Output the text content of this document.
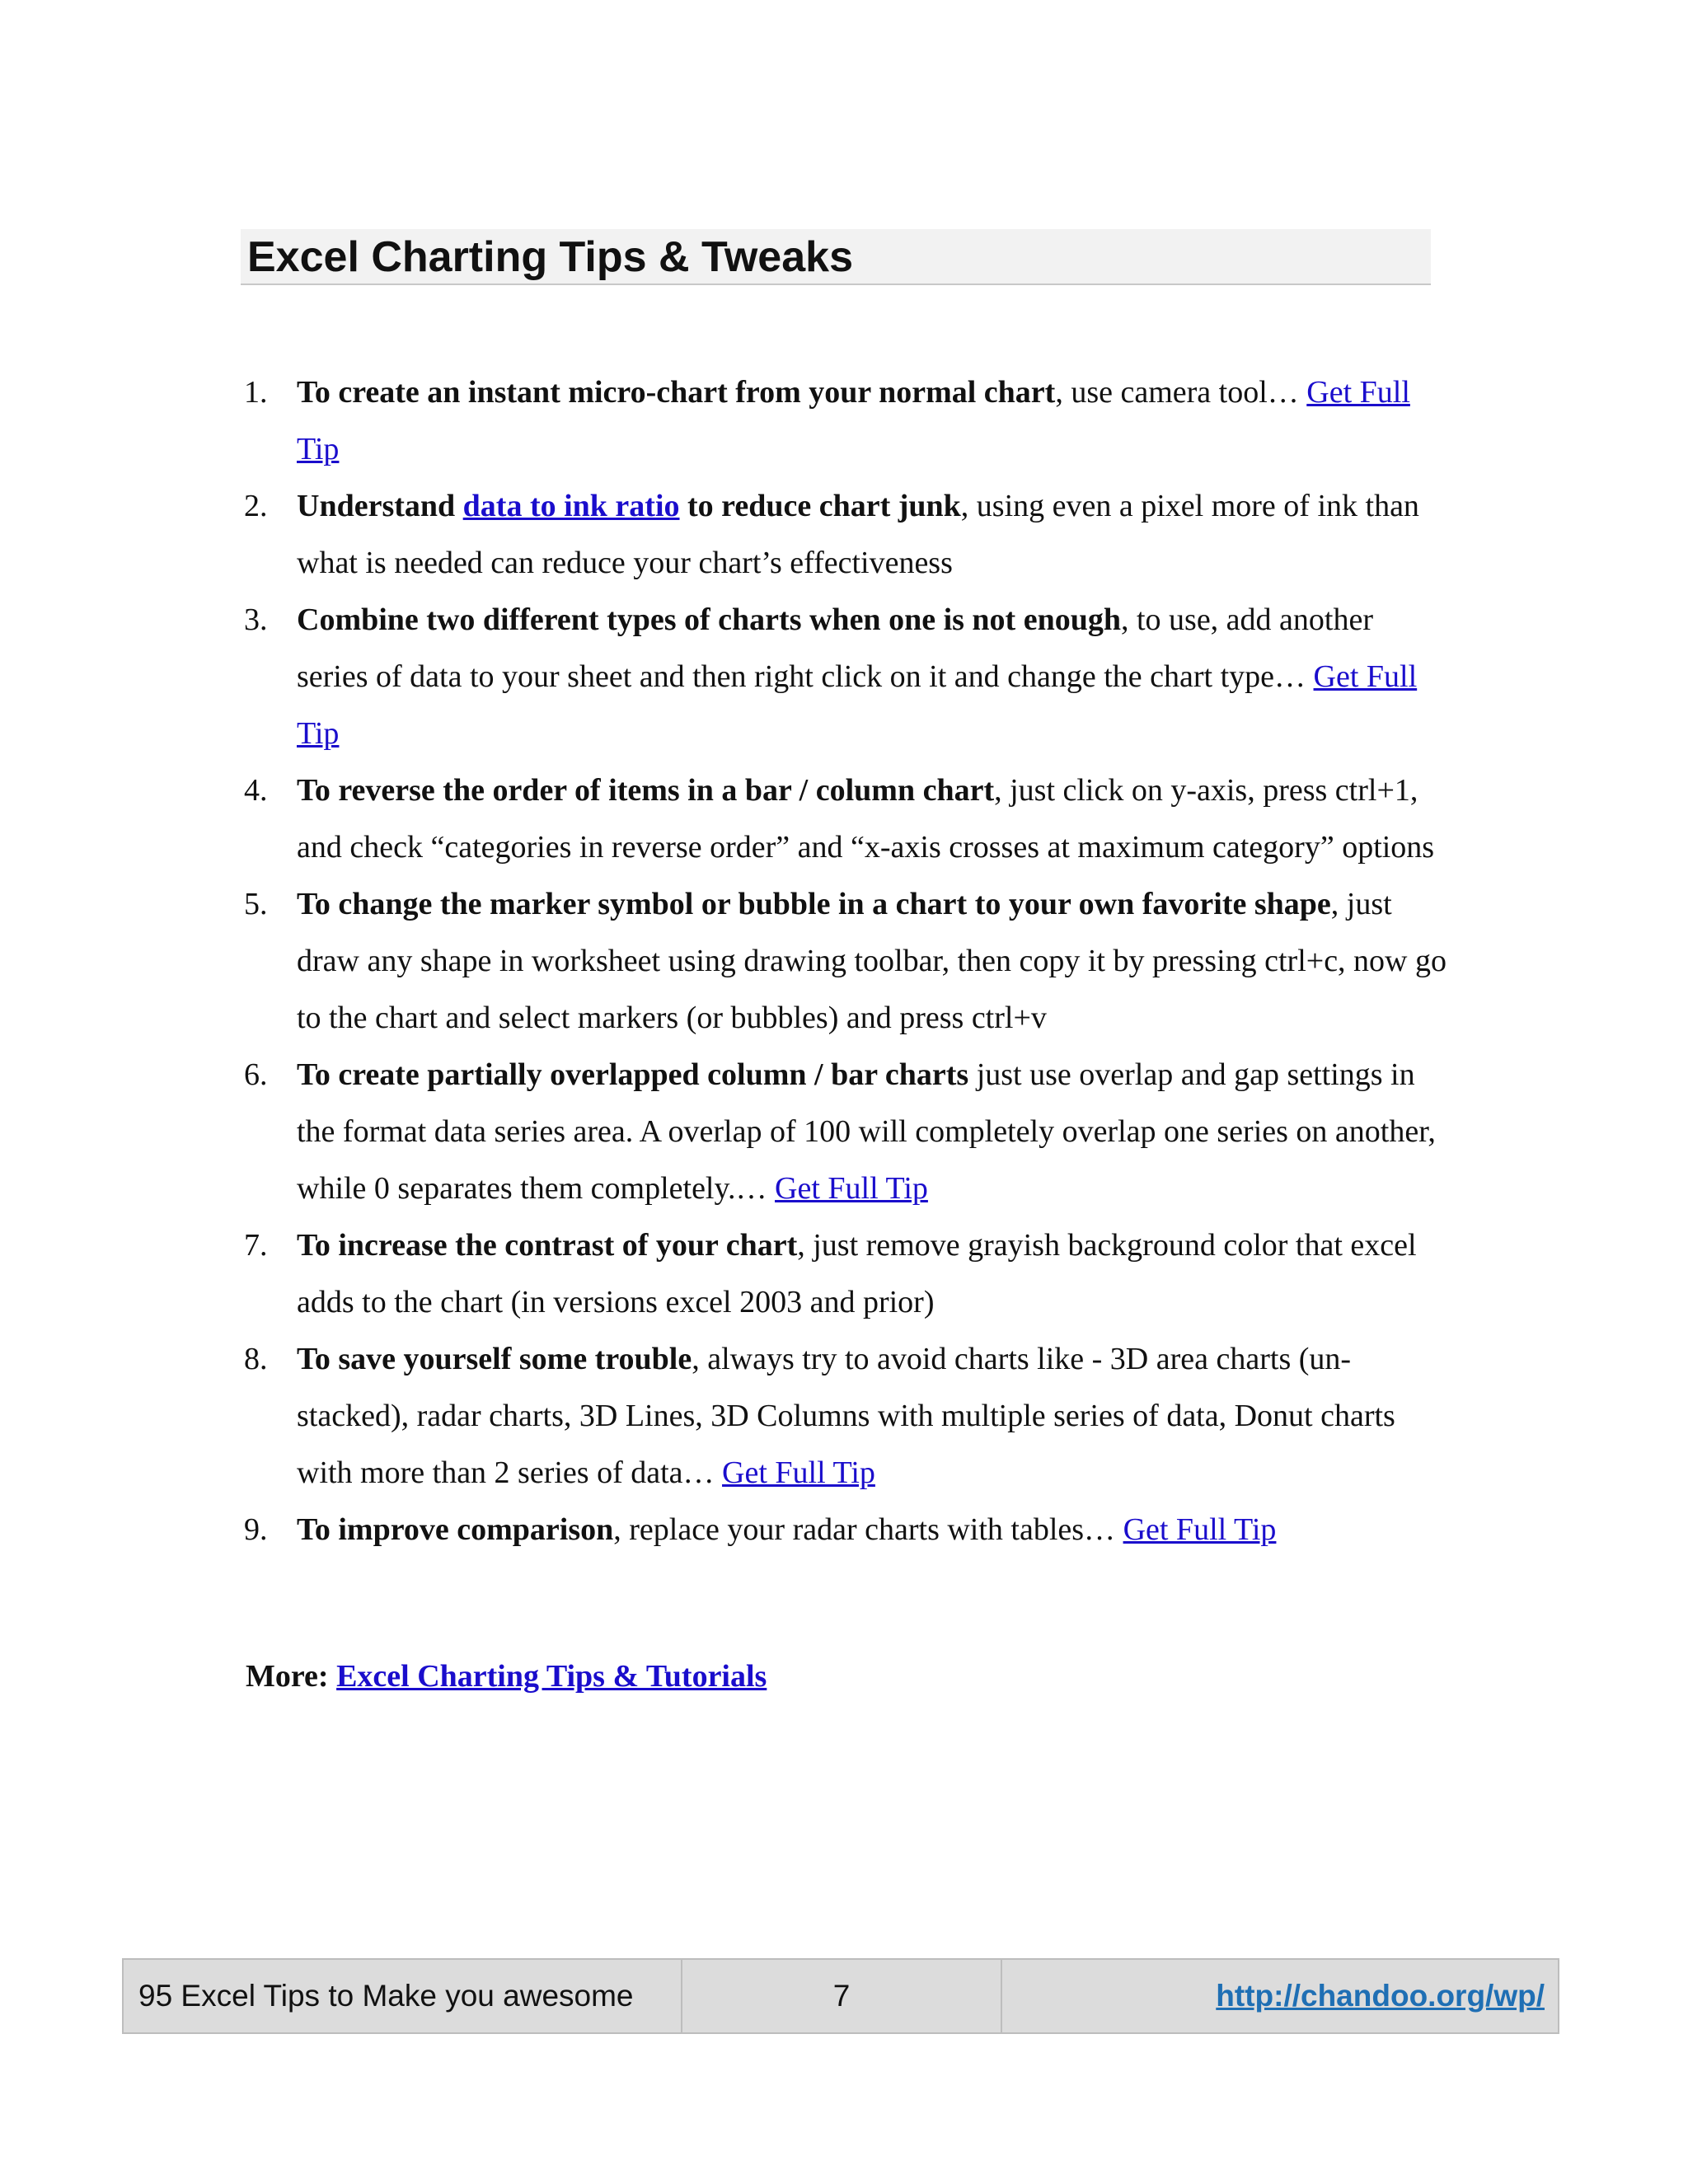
Excel Charting Tips & Tweaks
1. To create an instant micro-chart from your normal chart, use camera tool… Get Full Tip
2. Understand data to ink ratio to reduce chart junk, using even a pixel more of ink than what is needed can reduce your chart’s effectiveness
3. Combine two different types of charts when one is not enough, to use, add another series of data to your sheet and then right click on it and change the chart type… Get Full Tip
4. To reverse the order of items in a bar / column chart, just click on y-axis, press ctrl+1, and check “categories in reverse order” and “x-axis crosses at maximum category” options
5. To change the marker symbol or bubble in a chart to your own favorite shape, just draw any shape in worksheet using drawing toolbar, then copy it by pressing ctrl+c, now go to the chart and select markers (or bubbles) and press ctrl+v
6. To create partially overlapped column / bar charts just use overlap and gap settings in the format data series area. A overlap of 100 will completely overlap one series on another, while 0 separates them completely.… Get Full Tip
7. To increase the contrast of your chart, just remove grayish background color that excel adds to the chart (in versions excel 2003 and prior)
8. To save yourself some trouble, always try to avoid charts like - 3D area charts (un-stacked), radar charts, 3D Lines, 3D Columns with multiple series of data, Donut charts with more than 2 series of data… Get Full Tip
9. To improve comparison, replace your radar charts with tables… Get Full Tip

More: Excel Charting Tips & Tutorials

95 Excel Tips to Make you awesome	7	http://chandoo.org/wp/
